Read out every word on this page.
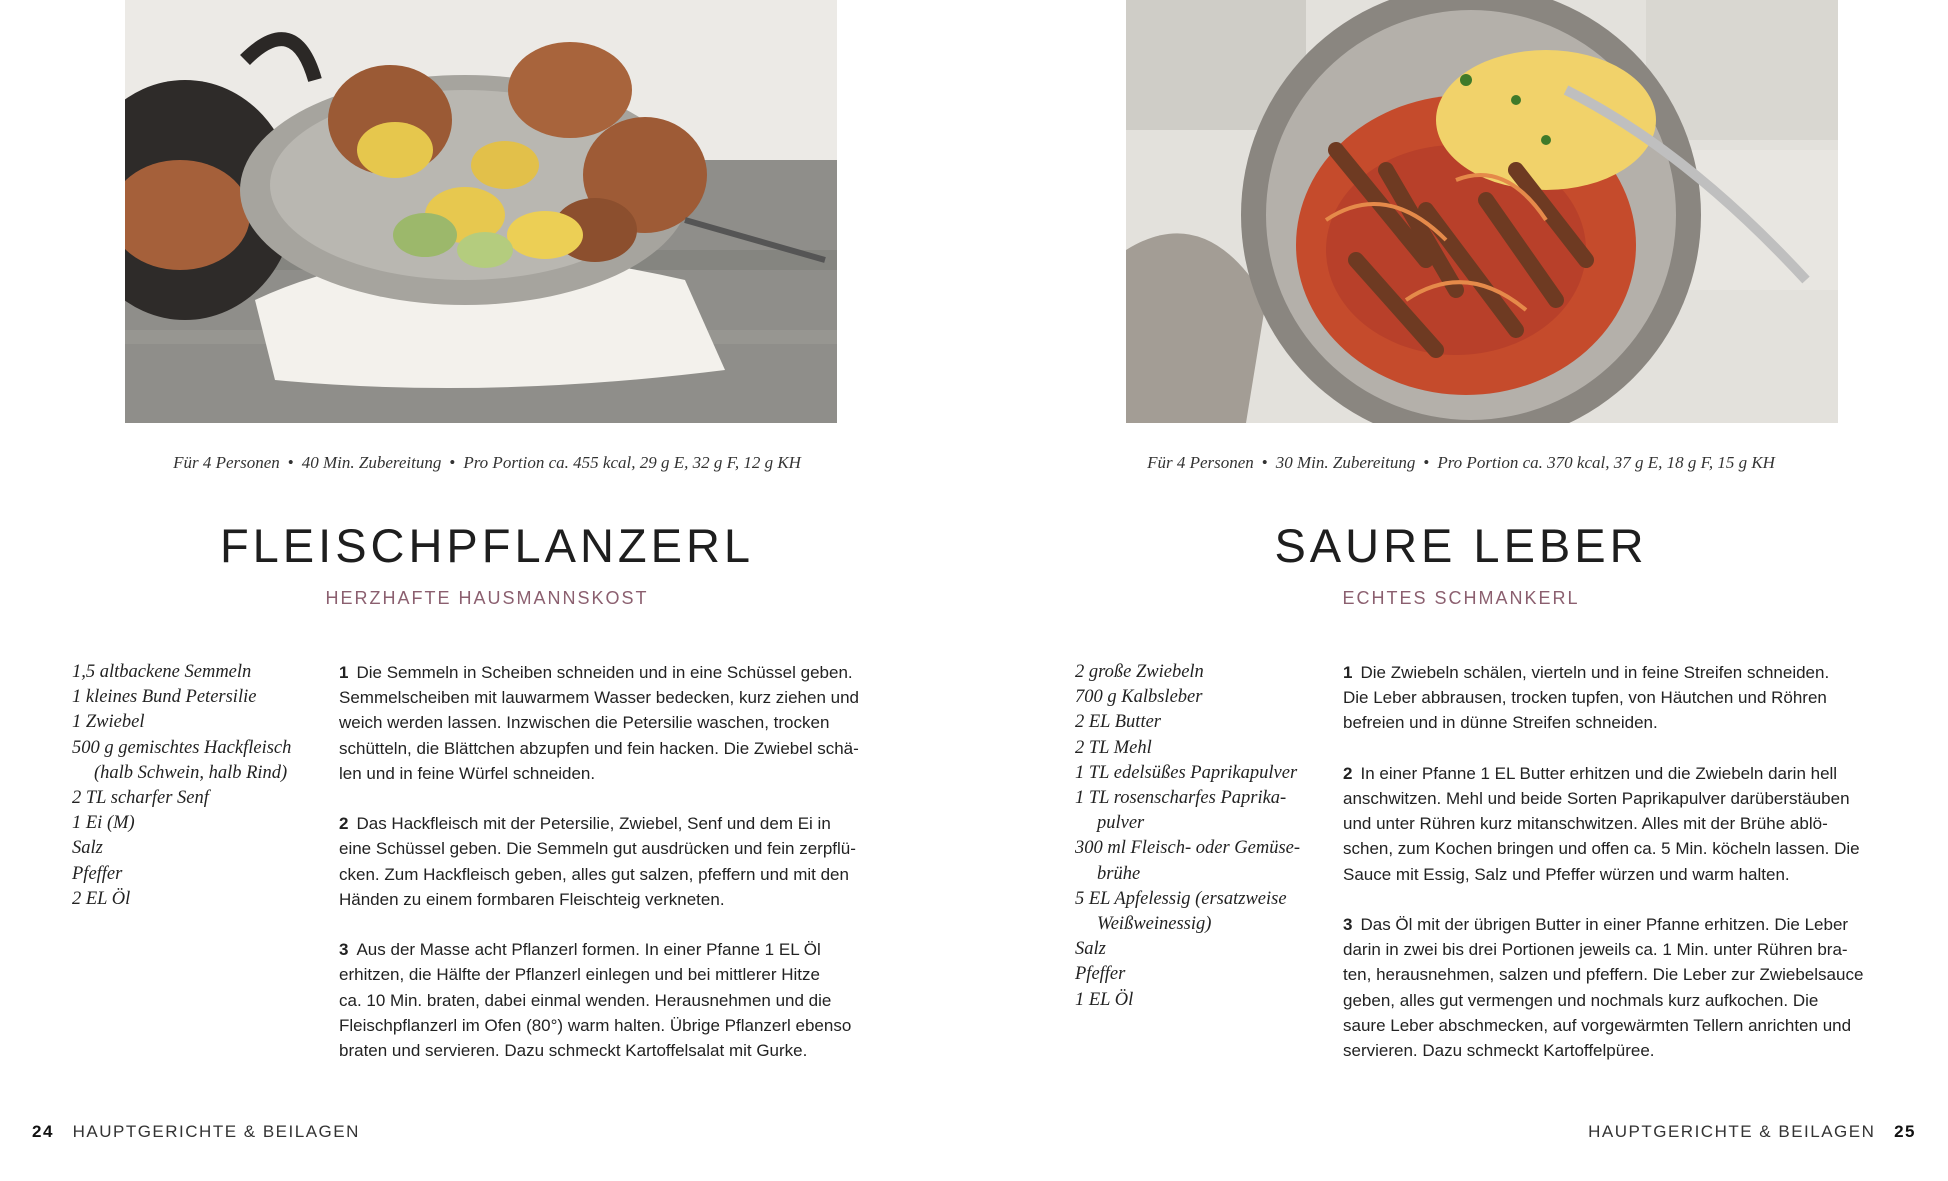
Für 4 Personen • 40 Min. Zubereitung • Pro Portion ca. 455 kcal, 29 g E, 32 g F, 12 g KH
FLEISCHPFLANZERL
HERZHAFTE HAUSMANNSKOST
1,5 altbackene Semmeln
1 kleines Bund Petersilie
1 Zwiebel
500 g gemischtes Hackfleisch
(halb Schwein, halb Rind)
2 TL scharfer Senf
1 Ei (M)
Salz
Pfeffer
2 EL Öl
1 Die Semmeln in Scheiben schneiden und in eine Schüssel geben.
Semmelscheiben mit lauwarmem Wasser bedecken, kurz ziehen und
weich werden lassen. Inzwischen die Petersilie waschen, trocken
schütteln, die Blättchen abzupfen und fein hacken. Die Zwiebel schä-
len und in feine Würfel schneiden.
2 Das Hackfleisch mit der Petersilie, Zwiebel, Senf und dem Ei in
eine Schüssel geben. Die Semmeln gut ausdrücken und fein zerpflü-
cken. Zum Hackfleisch geben, alles gut salzen, pfeffern und mit den
Händen zu einem formbaren Fleischteig verkneten.
3 Aus der Masse acht Pflanzerl formen. In einer Pfanne 1 EL Öl
erhitzen, die Hälfte der Pflanzerl einlegen und bei mittlerer Hitze
ca. 10 Min. braten, dabei einmal wenden. Herausnehmen und die
Fleischpflanzerl im Ofen (80°) warm halten. Übrige Pflanzerl ebenso
braten und servieren. Dazu schmeckt Kartoffelsalat mit Gurke.
24 HAUPTGERICHTE & BEILAGEN
Für 4 Personen • 30 Min. Zubereitung • Pro Portion ca. 370 kcal, 37 g E, 18 g F, 15 g KH
SAURE LEBER
ECHTES SCHMANKERL
2 große Zwiebeln
700 g Kalbsleber
2 EL Butter
2 TL Mehl
1 TL edelsüßes Paprikapulver
1 TL rosenscharfes Paprika-
pulver
300 ml Fleisch- oder Gemüse-
brühe
5 EL Apfelessig (ersatzweise
Weißweinessig)
Salz
Pfeffer
1 EL Öl
1 Die Zwiebeln schälen, vierteln und in feine Streifen schneiden.
Die Leber abbrausen, trocken tupfen, von Häutchen und Röhren
befreien und in dünne Streifen schneiden.
2 In einer Pfanne 1 EL Butter erhitzen und die Zwiebeln darin hell
anschwitzen. Mehl und beide Sorten Paprikapulver darüberstäuben
und unter Rühren kurz mitanschwitzen. Alles mit der Brühe ablö-
schen, zum Kochen bringen und offen ca. 5 Min. köcheln lassen. Die
Sauce mit Essig, Salz und Pfeffer würzen und warm halten.
3 Das Öl mit der übrigen Butter in einer Pfanne erhitzen. Die Leber
darin in zwei bis drei Portionen jeweils ca. 1 Min. unter Rühren bra-
ten, herausnehmen, salzen und pfeffern. Die Leber zur Zwiebelsauce
geben, alles gut vermengen und nochmals kurz aufkochen. Die
saure Leber abschmecken, auf vorgewärmten Tellern anrichten und
servieren. Dazu schmeckt Kartoffelpüree.
HAUPTGERICHTE & BEILAGEN 25
